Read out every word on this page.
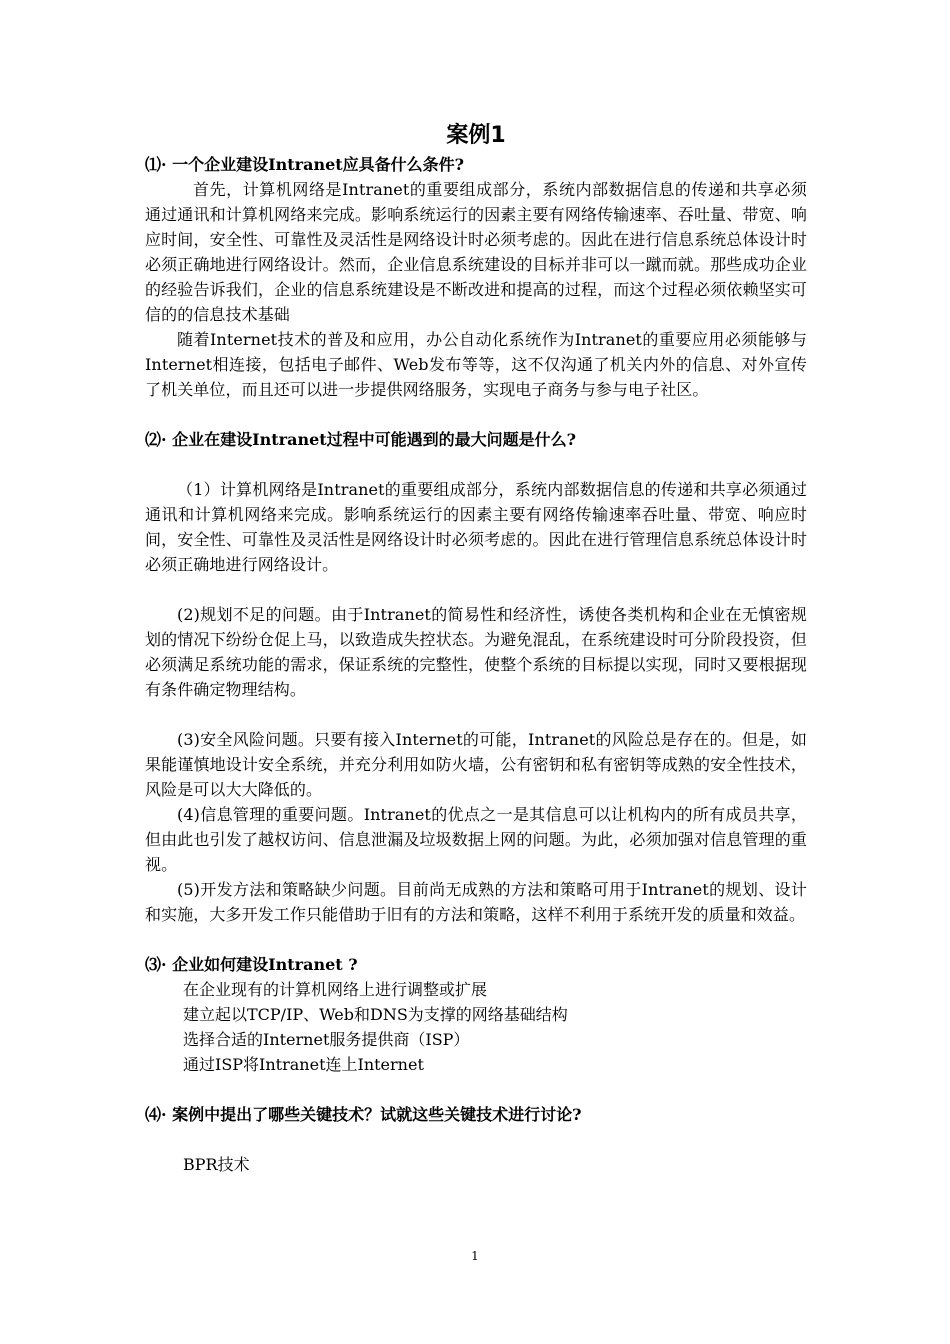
案例1

⑴· 一个企业建设Intranet应具备什么条件?

首先，计算机网络是Intranet的重要组成部分，系统内部数据信息的传递和共享必须通过通讯和计算机网络来完成。影响系统运行的因素主要有网络传输速率、吞吐量、带宽、响应时间，安全性、可靠性及灵活性是网络设计时必须考虑的。因此在进行信息系统总体设计时必须正确地进行网络设计。然而，企业信息系统建设的目标并非可以一蹴而就。那些成功企业的经验告诉我们，企业的信息系统建设是不断改进和提高的过程，而这个过程必须依赖坚实可信的的信息技术基础

随着Internet技术的普及和应用，办公自动化系统作为Intranet的重要应用必须能够与Internet相连接，包括电子邮件、Web发布等等，这不仅沟通了机关内外的信息、对外宣传了机关单位，而且还可以进一步提供网络服务，实现电子商务与参与电子社区。

⑵· 企业在建设Intranet过程中可能遇到的最大问题是什么?

（1）计算机网络是Intranet的重要组成部分，系统内部数据信息的传递和共享必须通过通讯和计算机网络来完成。影响系统运行的因素主要有网络传输速率吞吐量、带宽、响应时间，安全性、可靠性及灵活性是网络设计时必须考虑的。因此在进行管理信息系统总体设计时必须正确地进行网络设计。

(2)规划不足的问题。由于Intranet的简易性和经济性，诱使各类机构和企业在无慎密规划的情况下纷纷仓促上马，以致造成失控状态。为避免混乱，在系统建设时可分阶段投资，但必须满足系统功能的需求，保证系统的完整性，使整个系统的目标提以实现，同时又要根据现有条件确定物理结构。

(3)安全风险问题。只要有接入Internet的可能，Intranet的风险总是存在的。但是，如果能谨慎地设计安全系统，并充分利用如防火墙，公有密钥和私有密钥等成熟的安全性技术，风险是可以大大降低的。

(4)信息管理的重要问题。Intranet的优点之一是其信息可以让机构内的所有成员共享，但由此也引发了越权访问、信息泄漏及垃圾数据上网的问题。为此，必须加强对信息管理的重视。

(5)开发方法和策略缺少问题。目前尚无成熟的方法和策略可用于Intranet的规划、设计和实施，大多开发工作只能借助于旧有的方法和策略，这样不利用于系统开发的质量和效益。

⑶· 企业如何建设Intranet ?

在企业现有的计算机网络上进行调整或扩展

建立起以TCP/IP、Web和DNS为支撑的网络基础结构

选择合适的Internet服务提供商（ISP）

通过ISP将Intranet连上Internet

⑷· 案例中提出了哪些关键技术？试就这些关键技术进行讨论?

BPR技术

1
